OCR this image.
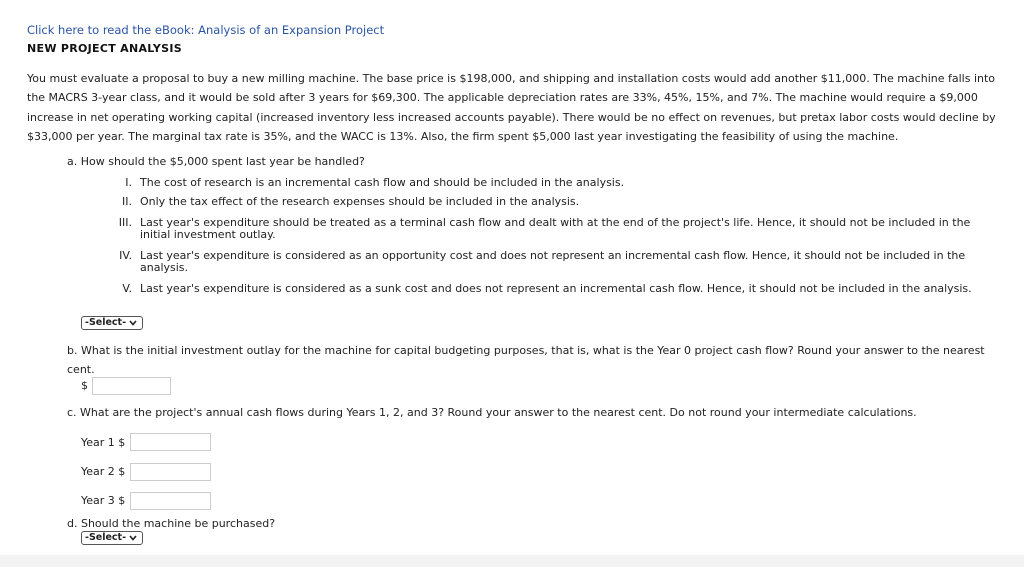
Click here to read the eBook: Analysis of an Expansion Project
NEW PROJECT ANALYSIS
You must evaluate a proposal to buy a new milling machine. The base price is $198,000, and shipping and installation costs would add another $11,000. The machine falls into the MACRS 3-year class, and it would be sold after 3 years for $69,300. The applicable depreciation rates are 33%, 45%, 15%, and 7%. The machine would require a $9,000 increase in net operating working capital (increased inventory less increased accounts payable). There would be no effect on revenues, but pretax labor costs would decline by $33,000 per year. The marginal tax rate is 35%, and the WACC is 13%. Also, the firm spent $5,000 last year investigating the feasibility of using the machine.
a. How should the $5,000 spent last year be handled?
I. The cost of research is an incremental cash flow and should be included in the analysis.
II. Only the tax effect of the research expenses should be included in the analysis.
III. Last year's expenditure should be treated as a terminal cash flow and dealt with at the end of the project's life. Hence, it should not be included in the initial investment outlay.
IV. Last year's expenditure is considered as an opportunity cost and does not represent an incremental cash flow. Hence, it should not be included in the analysis.
V. Last year's expenditure is considered as a sunk cost and does not represent an incremental cash flow. Hence, it should not be included in the analysis.
-Select-
b. What is the initial investment outlay for the machine for capital budgeting purposes, that is, what is the Year 0 project cash flow? Round your answer to the nearest cent.
$
c. What are the project's annual cash flows during Years 1, 2, and 3? Round your answer to the nearest cent. Do not round your intermediate calculations.
Year 1 $
Year 2 $
Year 3 $
d. Should the machine be purchased?
-Select-
